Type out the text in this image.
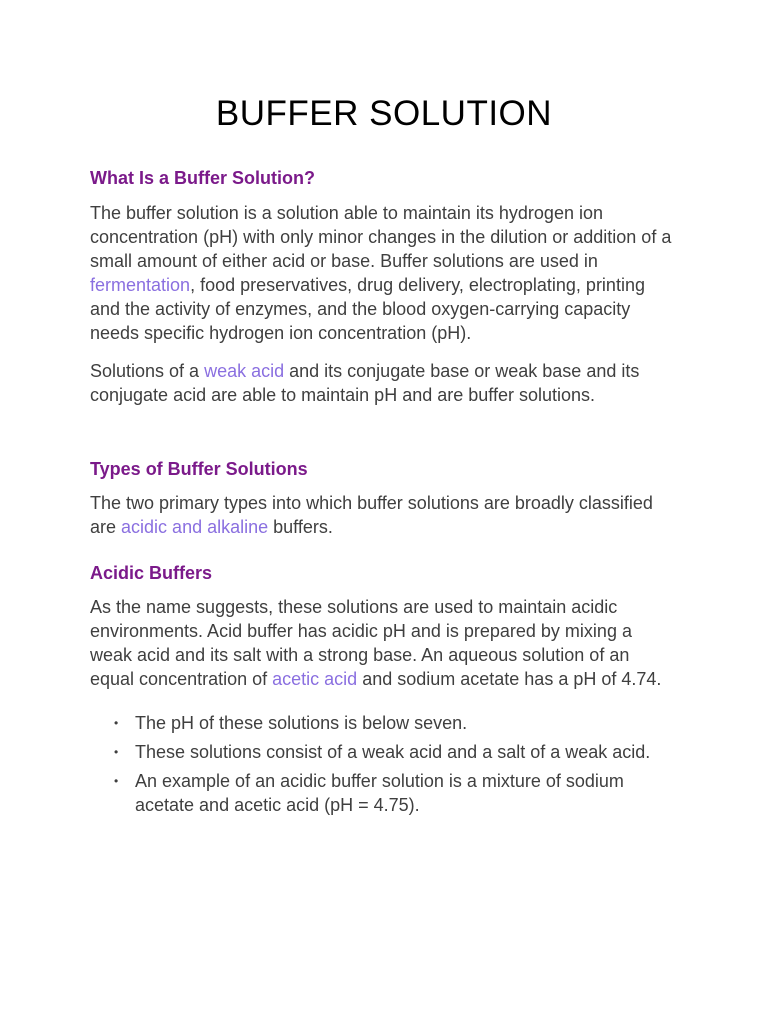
BUFFER SOLUTION
What Is a Buffer Solution?

The buffer solution is a solution able to maintain its hydrogen ion concentration (pH) with only minor changes in the dilution or addition of a small amount of either acid or base. Buffer solutions are used in fermentation, food preservatives, drug delivery, electroplating, printing and the activity of enzymes, and the blood oxygen-carrying capacity needs specific hydrogen ion concentration (pH).

Solutions of a weak acid and its conjugate base or weak base and its conjugate acid are able to maintain pH and are buffer solutions.

Types of Buffer Solutions

The two primary types into which buffer solutions are broadly classified are acidic and alkaline buffers.

Acidic Buffers

As the name suggests, these solutions are used to maintain acidic environments. Acid buffer has acidic pH and is prepared by mixing a weak acid and its salt with a strong base. An aqueous solution of an equal concentration of acetic acid and sodium acetate has a pH of 4.74.

• The pH of these solutions is below seven.
• These solutions consist of a weak acid and a salt of a weak acid.
• An example of an acidic buffer solution is a mixture of sodium acetate and acetic acid (pH = 4.75).
